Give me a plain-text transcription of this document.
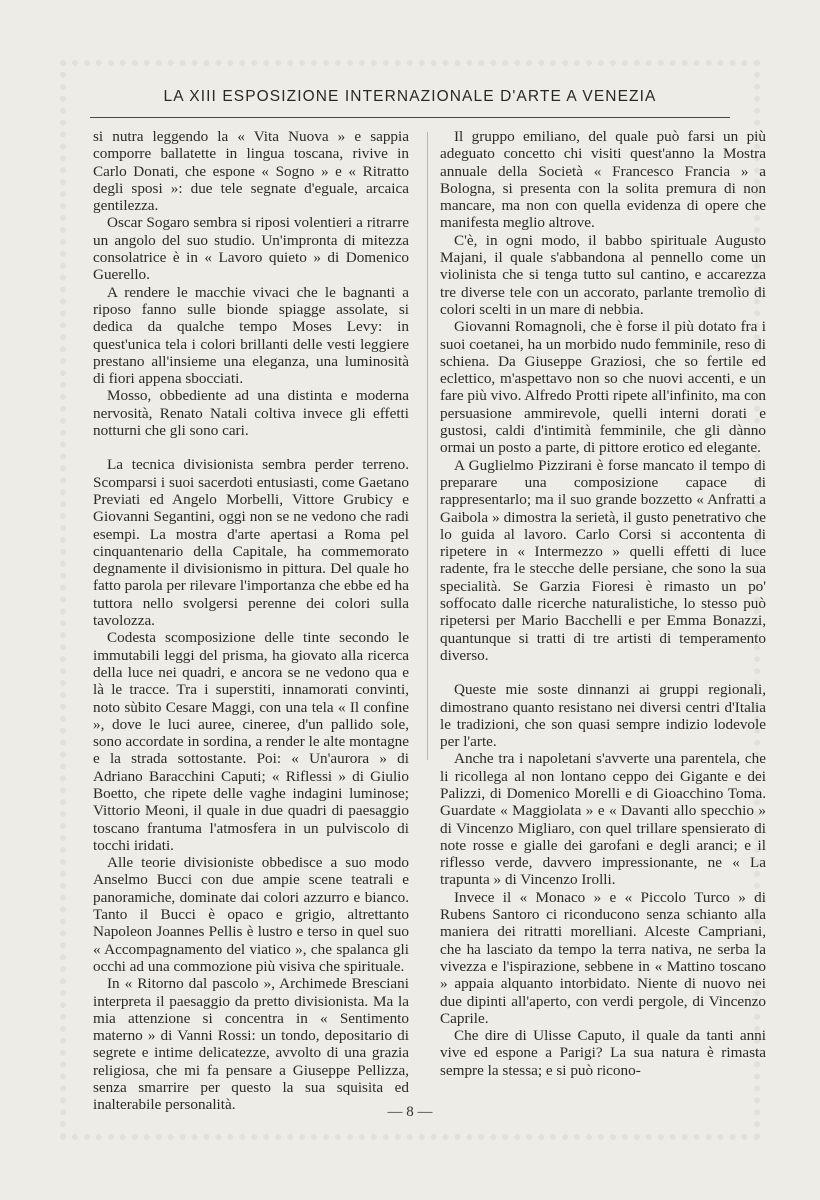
LA XIII ESPOSIZIONE INTERNAZIONALE D'ARTE A VENEZIA

si nutra leggendo la « Vita Nuova » e sappia comporre ballatette in lingua toscana, rivive in Carlo Donati, che espone « Sogno » e « Ritratto degli sposi »: due tele segnate d'eguale, arcaica gentilezza.

Oscar Sogaro sembra si riposi volentieri a ritrarre un angolo del suo studio. Un'impronta di mitezza consolatrice è in « Lavoro quieto » di Domenico Guerello.

A rendere le macchie vivaci che le bagnanti a riposo fanno sulle bionde spiagge assolate, si dedica da qualche tempo Moses Levy: in quest'unica tela i colori brillanti delle vesti leggiere prestano all'insieme una eleganza, una luminosità di fiori appena sbocciati.

Mosso, obbediente ad una distinta e moderna nervosità, Renato Natali coltiva invece gli effetti notturni che gli sono cari.

La tecnica divisionista sembra perder terreno. Scomparsi i suoi sacerdoti entusiasti, come Gaetano Previati ed Angelo Morbelli, Vittore Grubicy e Giovanni Segantini, oggi non se ne vedono che radi esempi. La mostra d'arte apertasi a Roma pel cinquantenario della Capitale, ha commemorato degnamente il divisionismo in pittura. Del quale ho fatto parola per rilevare l'importanza che ebbe ed ha tuttora nello svolgersi perenne dei colori sulla tavolozza.

Codesta scomposizione delle tinte secondo le immutabili leggi del prisma, ha giovato alla ricerca della luce nei quadri, e ancora se ne vedono qua e là le tracce. Tra i superstiti, innamorati convinti, noto sùbito Cesare Maggi, con una tela « Il confine », dove le luci auree, cineree, d'un pallido sole, sono accordate in sordina, a render le alte montagne e la strada sottostante. Poi: « Un'aurora » di Adriano Baracchini Caputi; « Riflessi » di Giulio Boetto, che ripete delle vaghe indagini luminose; Vittorio Meoni, il quale in due quadri di paesaggio toscano frantuma l'atmosfera in un pulviscolo di tocchi iridati.

Alle teorie divisioniste obbedisce a suo modo Anselmo Bucci con due ampie scene teatrali e panoramiche, dominate dai colori azzurro e bianco. Tanto il Bucci è opaco e grigio, altrettanto Napoleon Joannes Pellis è lustro e terso in quel suo « Accompagnamento del viatico », che spalanca gli occhi ad una commozione più visiva che spirituale.

In « Ritorno dal pascolo », Archimede Bresciani interpreta il paesaggio da pretto divisionista. Ma la mia attenzione si concentra in « Sentimento materno » di Vanni Rossi: un tondo, depositario di segrete e intime delicatezze, avvolto di una grazia religiosa, che mi fa pensare a Giuseppe Pellizza, senza smarrire per questo la sua squisita ed inalterabile personalità.

Il gruppo emiliano, del quale può farsi un più adeguato concetto chi visiti quest'anno la Mostra annuale della Società « Francesco Francia » a Bologna, si presenta con la solita premura di non mancare, ma non con quella evidenza di opere che manifesta meglio altrove.

C'è, in ogni modo, il babbo spirituale Augusto Majani, il quale s'abbandona al pennello come un violinista che si tenga tutto sul cantino, e accarezza tre diverse tele con un accorato, parlante tremolìo di colori scelti in un mare di nebbia.

Giovanni Romagnoli, che è forse il più dotato fra i suoi coetanei, ha un morbido nudo femminile, reso di schiena. Da Giuseppe Graziosi, che so fertile ed eclettico, m'aspettavo non so che nuovi accenti, e un fare più vivo. Alfredo Protti ripete all'infinito, ma con persuasione ammirevole, quelli interni dorati e gustosi, caldi d'intimità femminile, che gli dànno ormai un posto a parte, di pittore erotico ed elegante.

A Guglielmo Pizzirani è forse mancato il tempo di preparare una composizione capace di rappresentarlo; ma il suo grande bozzetto « Anfratti a Gaibola » dimostra la serietà, il gusto penetrativo che lo guida al lavoro. Carlo Corsi si accontenta di ripetere in « Intermezzo » quelli effetti di luce radente, fra le stecche delle persiane, che sono la sua specialità. Se Garzia Fioresi è rimasto un po' soffocato dalle ricerche naturalistiche, lo stesso può ripetersi per Mario Bacchelli e per Emma Bonazzi, quantunque si tratti di tre artisti di temperamento diverso.

Queste mie soste dinnanzi ai gruppi regionali, dimostrano quanto resistano nei diversi centri d'Italia le tradizioni, che son quasi sempre indizio lodevole per l'arte.

Anche tra i napoletani s'avverte una parentela, che li ricollega al non lontano ceppo dei Gigante e dei Palizzi, di Domenico Morelli e di Gioacchino Toma. Guardate « Maggiolata » e « Davanti allo specchio » di Vincenzo Migliaro, con quel trillare spensierato di note rosse e gialle dei garofani e degli aranci; e il riflesso verde, davvero impressionante, ne « La trapunta » di Vincenzo Irolli.

Invece il « Monaco » e « Piccolo Turco » di Rubens Santoro ci riconducono senza schianto alla maniera dei ritratti morelliani. Alceste Campriani, che ha lasciato da tempo la terra nativa, ne serba la vivezza e l'ispirazione, sebbene in « Mattino toscano » appaia alquanto intorbidato. Niente di nuovo nei due dipinti all'aperto, con verdi pergole, di Vincenzo Caprile.

Che dire di Ulisse Caputo, il quale da tanti anni vive ed espone a Parigi? La sua natura è rimasta sempre la stessa; e si può ricono-

— 8 —
